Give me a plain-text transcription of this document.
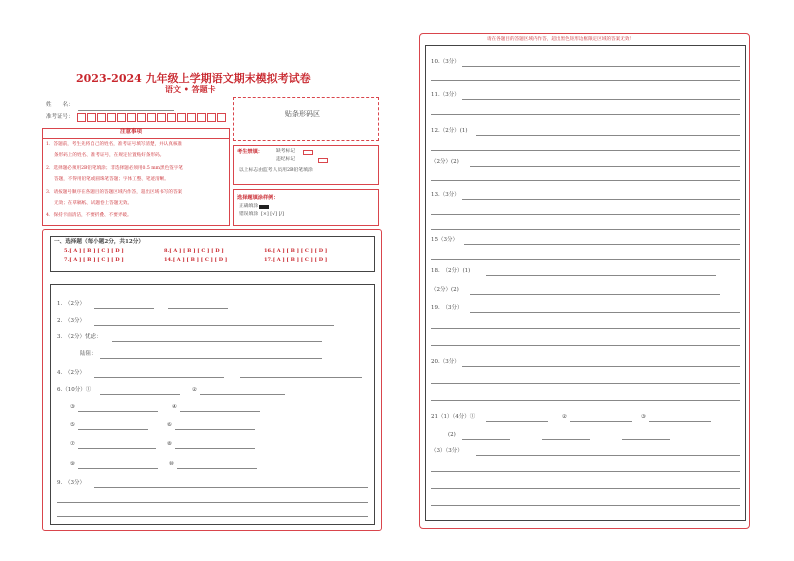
2023-2024 九年级上学期语文期末模拟考试卷
语文 • 答题卡
姓　　名：
准考证号：	贴条形码区
注意事项
1．答题前，考生先将自己的姓名，准考证号填写清楚，并认真核准
条形码上的姓名、准考证号，在规定位置贴好条形码。
2．选择题必须用2B铅笔填涂；非选择题必须用0.5 mm黑色签字笔
答题，不得用铅笔或圆珠笔答题；字体工整、笔迹清晰。
3．请按题号顺序在各题目的答题区域内作答，超出区域书写的答案
无效；在草稿纸、试题卷上答题无效。
4．保持卡面清洁，不要折叠、不要弄破。
考生禁填：	缺考标记
违纪标记
以上标志由监考人员用2B铅笔填涂
选择题填涂样例：
正确填涂
错误填涂 [×] [√] [/]
一、选择题（每小题2分，共12分）
5.[ A ] [ B ] [ C ] [ D ]	8.[ A ] [ B ] [ C ] [ D ]	16.[ A ] [ B ] [ C ] [ D ]
7.[ A ] [ B ] [ C ] [ D ]	14.[ A ] [ B ] [ C ] [ D ]	17.[ A ] [ B ] [ C ] [ D ]
1.　（2分）
2.　（3分）
3.　（2分）忧虑：
陆阻：
4.　（2分）
6.（10分）①	②
③	④
⑤	⑥
⑦	⑧
⑨	⑩
9.　（3分）
请在各题目的答题区域内作答，超出黑色矩形边框限定区域的答案无效！
10.（3分）
11.（3分）
12.（2分）(1)
（2分）(2)
13.（3分）
15（3分）
18.　（2分）(1)
（2分）(2)
19.　（3分）
20.（3分）
21（1）（4分）①	②	③
(2)
（3）（3分）
